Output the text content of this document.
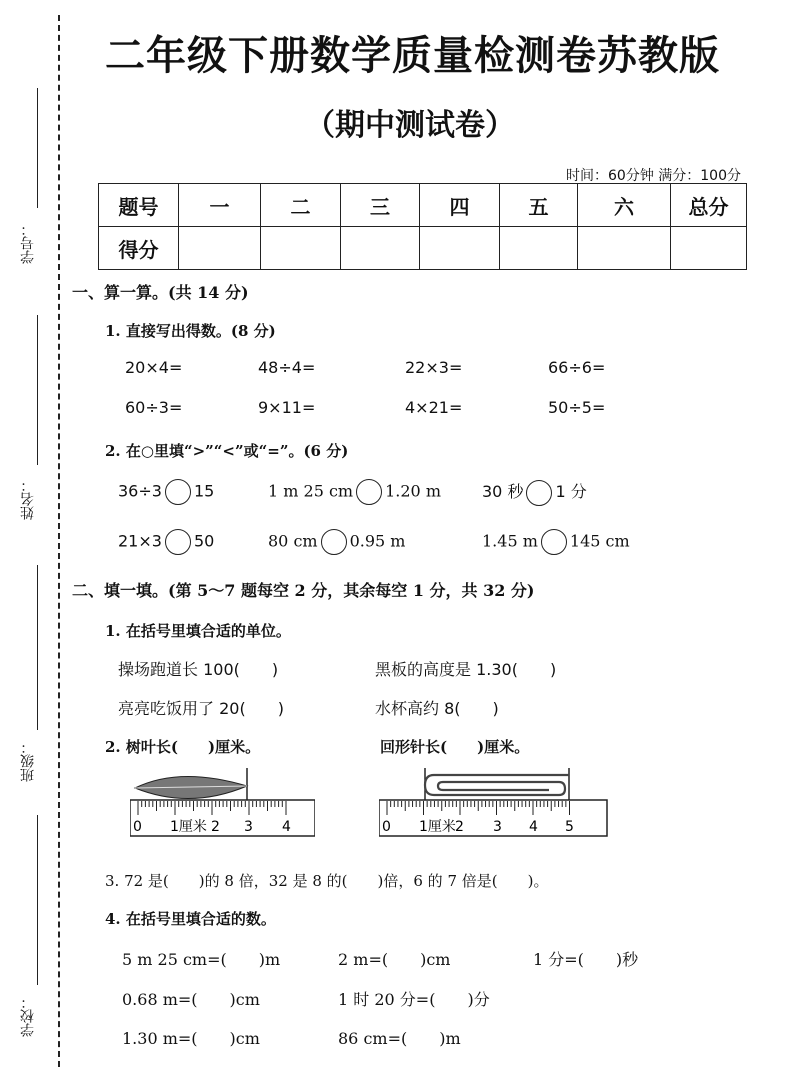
学号：
姓名：
班级：
学校：
二年级下册数学质量检测卷苏教版
（期中测试卷）
时间：60分钟 满分：100分
题号	一	二	三	四	五	六	总分
得分							
一、算一算。(共 14 分)
1. 直接写出得数。(8 分)
20×4=	48÷4=	22×3=	66÷6=
60÷3=	9×11=	4×21=	50÷5=
2. 在○里填“>”“<”或“=”。(6 分)
36÷3 15	1 m 25 cm 1.20 m	30 秒 1 分
21×3 50	80 cm 0.95 m	1.45 m 145 cm
二、填一填。(第 5～7 题每空 2 分，其余每空 1 分，共 32 分)
1. 在括号里填合适的单位。
操场跑道长 100(　　)	黑板的高度是 1.30(　　)
亮亮吃饭用了 20(　　)	水杯高约 8(　　)
2. 树叶长(　　)厘米。	回形针长(　　)厘米。
0 1厘米 2 3 4	0 1厘米 2 3 4 5
3. 72 是(　　)的 8 倍，32 是 8 的(　　)倍，6 的 7 倍是(　　)。
4. 在括号里填合适的数。
5 m 25 cm=(　　)m	2 m=(　　)cm	1 分=(　　)秒
0.68 m=(　　)cm	1 时 20 分=(　　)分
1.30 m=(　　)cm	86 cm=(　　)m
